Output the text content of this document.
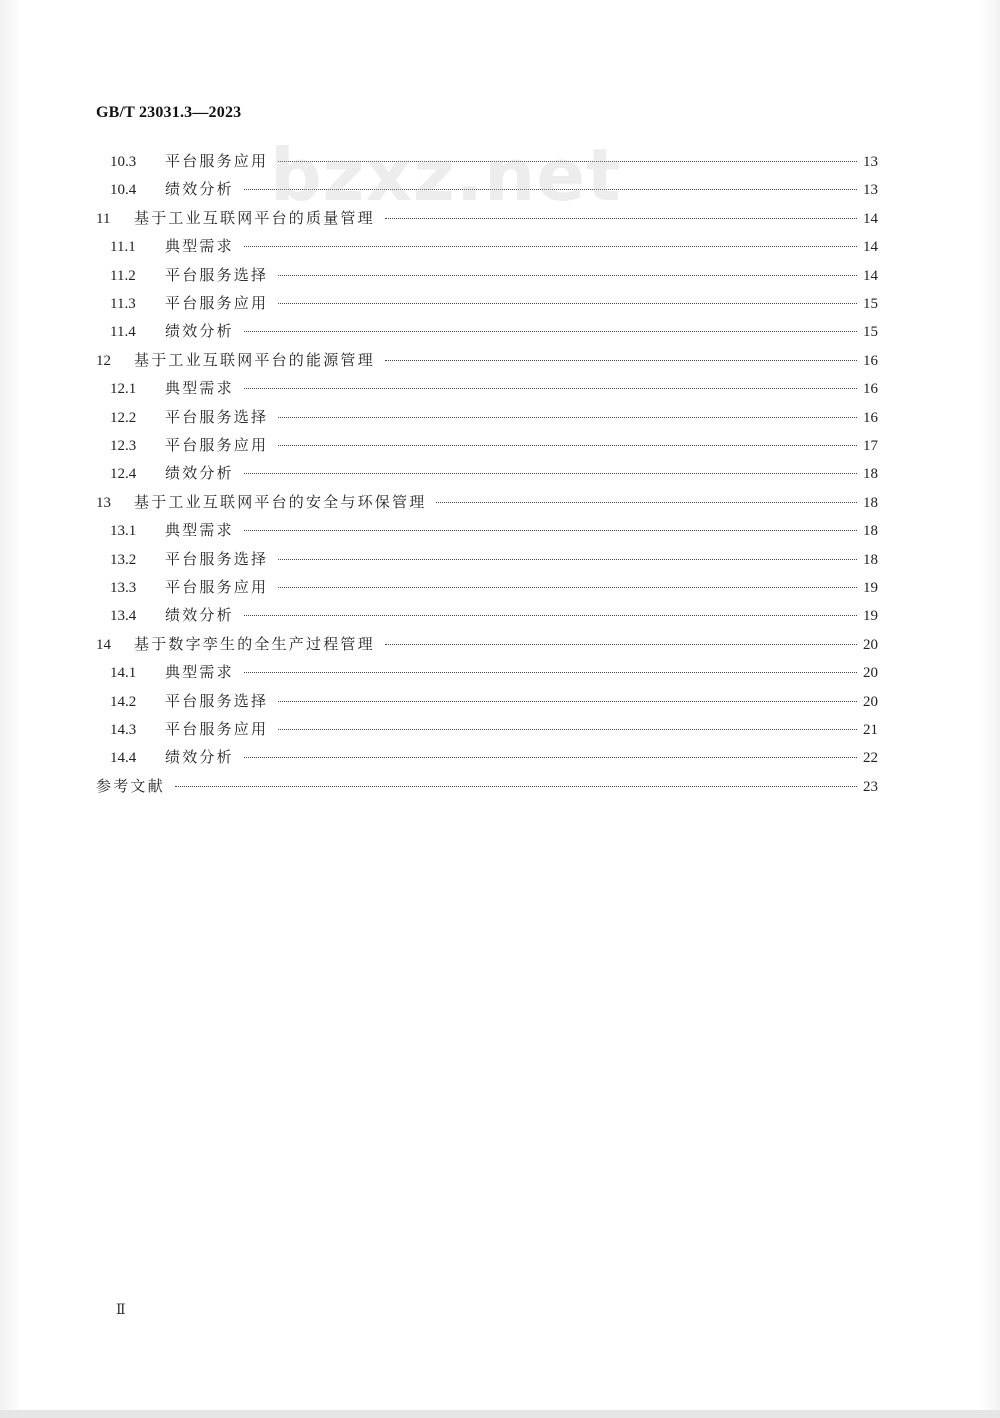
GB/T 23031.3—2023
10.3	平台服务应用	13
10.4	绩效分析	13
11	基于工业互联网平台的质量管理	14
11.1	典型需求	14
11.2	平台服务选择	14
11.3	平台服务应用	15
11.4	绩效分析	15
12	基于工业互联网平台的能源管理	16
12.1	典型需求	16
12.2	平台服务选择	16
12.3	平台服务应用	17
12.4	绩效分析	18
13	基于工业互联网平台的安全与环保管理	18
13.1	典型需求	18
13.2	平台服务选择	18
13.3	平台服务应用	19
13.4	绩效分析	19
14	基于数字孪生的全生产过程管理	20
14.1	典型需求	20
14.2	平台服务选择	20
14.3	平台服务应用	21
14.4	绩效分析	22
参考文献	23
bzxz.net
Ⅱ
